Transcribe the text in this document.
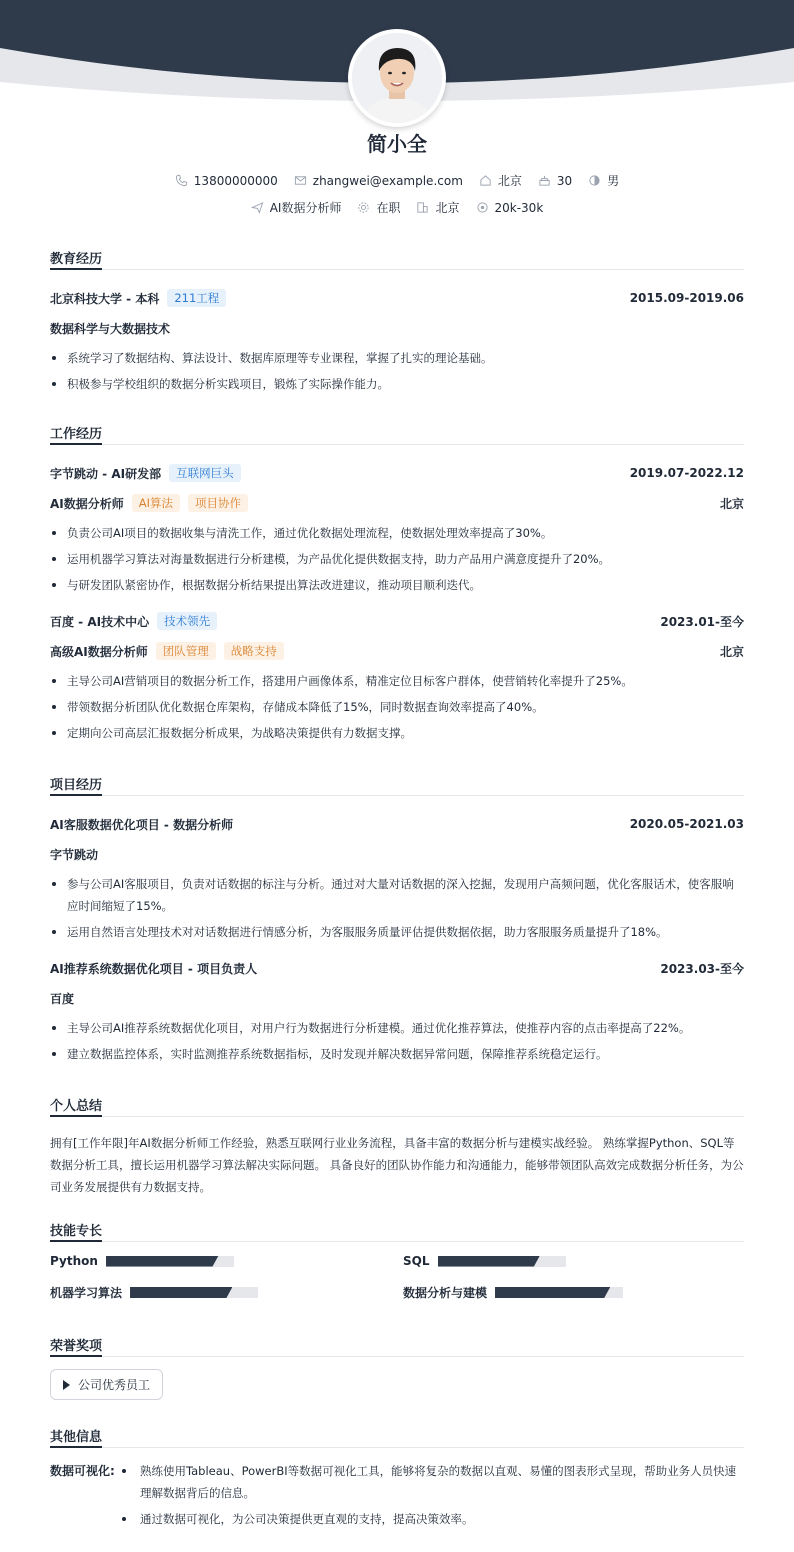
简小全
13800000000	zhangwei@example.com	北京	30	男
AI数据分析师	在职	北京	20k-30k
教育经历
北京科技大学 - 本科	211工程	2015.09-2019.06
数据科学与大数据技术
系统学习了数据结构、算法设计、数据库原理等专业课程，掌握了扎实的理论基础。
积极参与学校组织的数据分析实践项目，锻炼了实际操作能力。
工作经历
字节跳动 - AI研发部	互联网巨头	2019.07-2022.12
AI数据分析师	AI算法	项目协作	北京
负责公司AI项目的数据收集与清洗工作，通过优化数据处理流程，使数据处理效率提高了30%。
运用机器学习算法对海量数据进行分析建模，为产品优化提供数据支持，助力产品用户满意度提升了20%。
与研发团队紧密协作，根据数据分析结果提出算法改进建议，推动项目顺利迭代。
百度 - AI技术中心	技术领先	2023.01-至今
高级AI数据分析师	团队管理	战略支持	北京
主导公司AI营销项目的数据分析工作，搭建用户画像体系，精准定位目标客户群体，使营销转化率提升了25%。
带领数据分析团队优化数据仓库架构，存储成本降低了15%，同时数据查询效率提高了40%。
定期向公司高层汇报数据分析成果，为战略决策提供有力数据支撑。
项目经历
AI客服数据优化项目 - 数据分析师	2020.05-2021.03
字节跳动
参与公司AI客服项目，负责对话数据的标注与分析。通过对大量对话数据的深入挖掘，发现用户高频问题，优化客服话术，使客服响应时间缩短了15%。
运用自然语言处理技术对对话数据进行情感分析，为客服服务质量评估提供数据依据，助力客服服务质量提升了18%。
AI推荐系统数据优化项目 - 项目负责人	2023.03-至今
百度
主导公司AI推荐系统数据优化项目，对用户行为数据进行分析建模。通过优化推荐算法，使推荐内容的点击率提高了22%。
建立数据监控体系，实时监测推荐系统数据指标，及时发现并解决数据异常问题，保障推荐系统稳定运行。
个人总结
拥有[工作年限]年AI数据分析师工作经验，熟悉互联网行业业务流程，具备丰富的数据分析与建模实战经验。 熟练掌握Python、SQL等数据分析工具，擅长运用机器学习算法解决实际问题。 具备良好的团队协作能力和沟通能力，能够带领团队高效完成数据分析任务，为公司业务发展提供有力数据支持。
技能专长
Python	SQL
机器学习算法	数据分析与建模
荣誉奖项
公司优秀员工
其他信息
数据可视化:	熟练使用Tableau、PowerBI等数据可视化工具，能够将复杂的数据以直观、易懂的图表形式呈现，帮助业务人员快速理解数据背后的信息。
通过数据可视化，为公司决策提供更直观的支持，提高决策效率。
